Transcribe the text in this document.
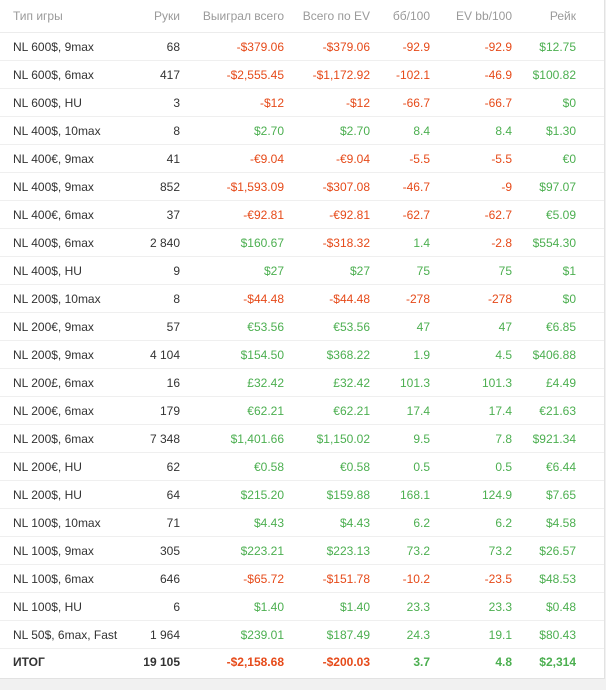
Тип игры	Руки	Выиграл всего	Всего по EV	бб/100	EV bb/100	Рейк
NL 600$, 9max	68	-$379.06	-$379.06	-92.9	-92.9	$12.75
NL 600$, 6max	417	-$2,555.45	-$1,172.92	-102.1	-46.9	$100.82
NL 600$, HU	3	-$12	-$12	-66.7	-66.7	$0
NL 400$, 10max	8	$2.70	$2.70	8.4	8.4	$1.30
NL 400€, 9max	41	-€9.04	-€9.04	-5.5	-5.5	€0
NL 400$, 9max	852	-$1,593.09	-$307.08	-46.7	-9	$97.07
NL 400€, 6max	37	-€92.81	-€92.81	-62.7	-62.7	€5.09
NL 400$, 6max	2 840	$160.67	-$318.32	1.4	-2.8	$554.30
NL 400$, HU	9	$27	$27	75	75	$1
NL 200$, 10max	8	-$44.48	-$44.48	-278	-278	$0
NL 200€, 9max	57	€53.56	€53.56	47	47	€6.85
NL 200$, 9max	4 104	$154.50	$368.22	1.9	4.5	$406.88
NL 200£, 6max	16	£32.42	£32.42	101.3	101.3	£4.49
NL 200€, 6max	179	€62.21	€62.21	17.4	17.4	€21.63
NL 200$, 6max	7 348	$1,401.66	$1,150.02	9.5	7.8	$921.34
NL 200€, HU	62	€0.58	€0.58	0.5	0.5	€6.44
NL 200$, HU	64	$215.20	$159.88	168.1	124.9	$7.65
NL 100$, 10max	71	$4.43	$4.43	6.2	6.2	$4.58
NL 100$, 9max	305	$223.21	$223.13	73.2	73.2	$26.57
NL 100$, 6max	646	-$65.72	-$151.78	-10.2	-23.5	$48.53
NL 100$, HU	6	$1.40	$1.40	23.3	23.3	$0.48
NL 50$, 6max, Fast	1 964	$239.01	$187.49	24.3	19.1	$80.43
ИТОГ	19 105	-$2,158.68	-$200.03	3.7	4.8	$2,314
